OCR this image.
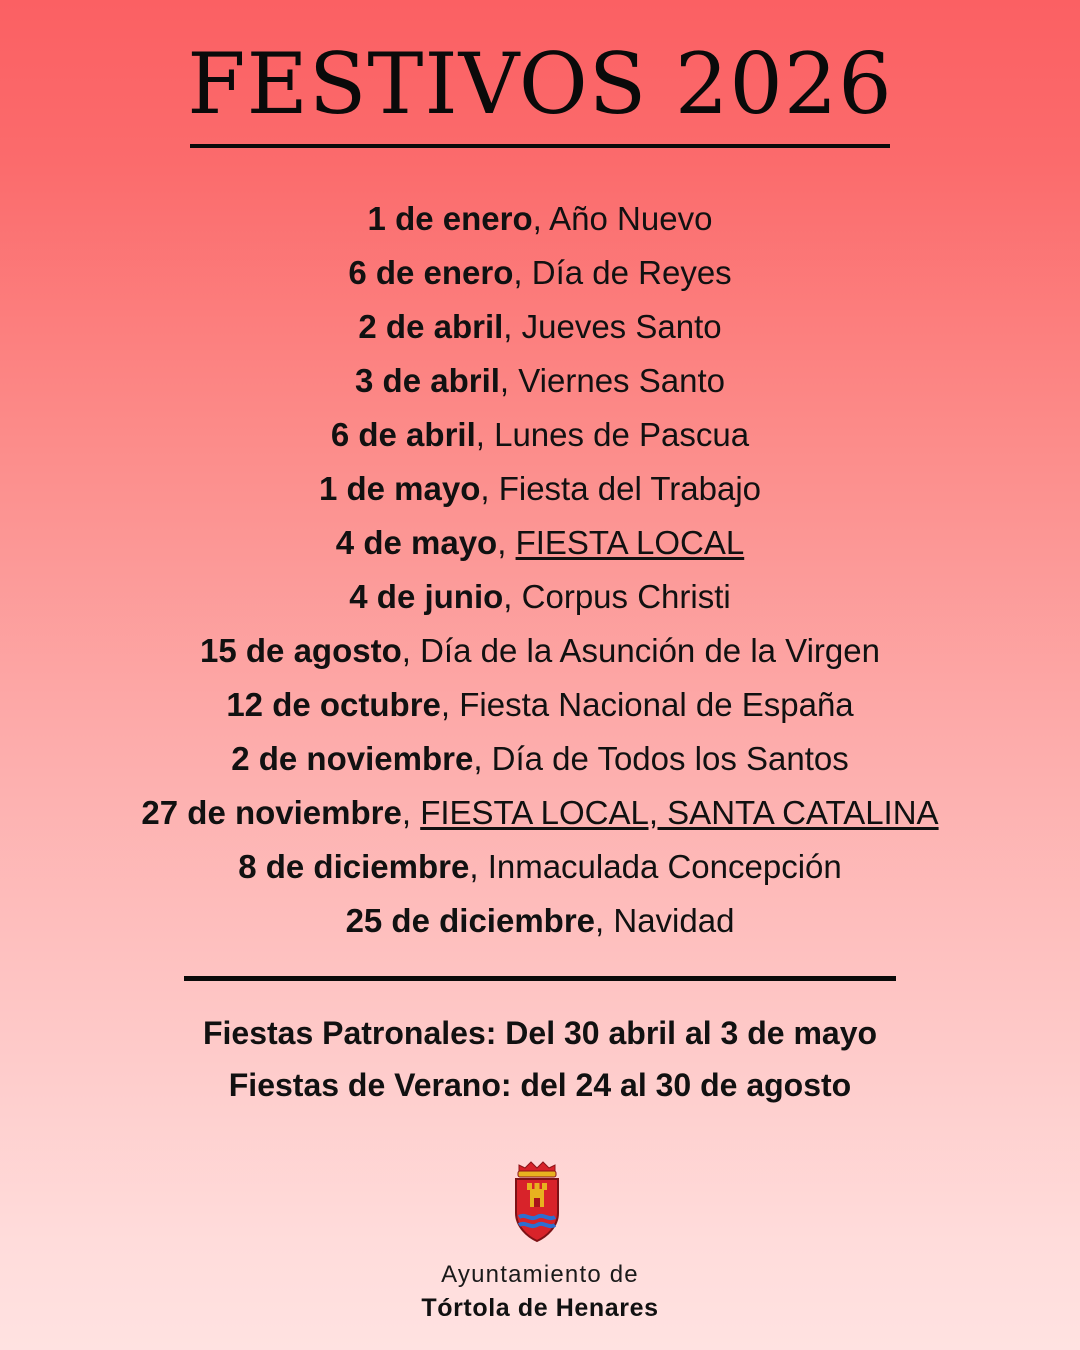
FESTIVOS 2026
1 de enero, Año Nuevo
6 de enero, Día de Reyes
2 de abril, Jueves Santo
3 de abril, Viernes Santo
6 de abril, Lunes de Pascua
1 de mayo, Fiesta del Trabajo
4 de mayo, FIESTA LOCAL
4 de junio, Corpus Christi
15 de agosto, Día de la Asunción de la Virgen
12 de octubre, Fiesta Nacional de España
2 de noviembre, Día de Todos los Santos
27 de noviembre, FIESTA LOCAL, SANTA CATALINA
8 de diciembre, Inmaculada Concepción
25 de diciembre, Navidad
Fiestas Patronales: Del 30 abril al 3 de mayo
Fiestas de Verano: del 24 al 30 de agosto
Ayuntamiento de
Tórtola de Henares
